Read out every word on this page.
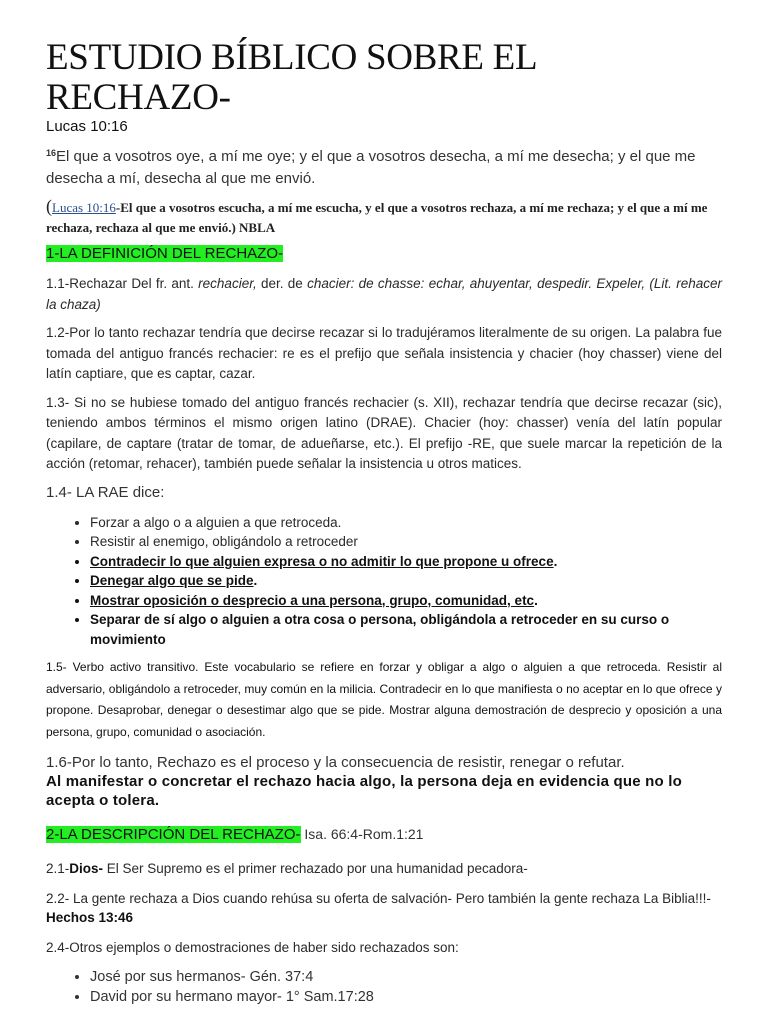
ESTUDIO BÍBLICO SOBRE EL RECHAZO-

Lucas 10:16

$^{16}$El que a vosotros oye, a mí me oye; y el que a vosotros desecha, a mí me desecha; y el que me desecha a mí, desecha al que me envió.

(Lucas 10:16-El que a vosotros escucha, a mí me escucha, y el que a vosotros rechaza, a mí me rechaza; y el que a mí me rechaza, rechaza al que me envió.) NBLA

1-LA DEFINICIÓN DEL RECHAZO-

1.1-Rechazar Del fr. ant. rechacier, der. de chacier: de chasse: echar, ahuyentar, despedir. Expeler, (Lit. rehacer la chaza)

1.2-Por lo tanto rechazar tendría que decirse recazar si lo tradujéramos literalmente de su origen. La palabra fue tomada del antiguo francés rechacier: re es el prefijo que señala insistencia y chacier (hoy chasser) viene del latín captiare, que es captar, cazar.

1.3- Si no se hubiese tomado del antiguo francés rechacier (s. XII), rechazar tendría que decirse recazar (sic), teniendo ambos términos el mismo origen latino (DRAE). Chacier (hoy: chasser) venía del latín popular (capilare, de captare (tratar de tomar, de adueñarse, etc.). El prefijo -RE, que suele marcar la repetición de la acción (retomar, rehacer), también puede señalar la insistencia u otros matices.

1.4- LA RAE dice:

• Forzar a algo o a alguien a que retroceda.
• Resistir al enemigo, obligándolo a retroceder
• Contradecir lo que alguien expresa o no admitir lo que propone u ofrece.
• Denegar algo que se pide.
• Mostrar oposición o desprecio a una persona, grupo, comunidad, etc.
• Separar de sí algo o alguien a otra cosa o persona, obligándola a retroceder en su curso o movimiento

1.5- Verbo activo transitivo. Este vocabulario se refiere en forzar y obligar a algo o alguien a que retroceda. Resistir al adversario, obligándolo a retroceder, muy común en la milicia. Contradecir en lo que manifiesta o no aceptar en lo que ofrece y propone. Desaprobar, denegar o desestimar algo que se pide. Mostrar alguna demostración de desprecio y oposición a una persona, grupo, comunidad o asociación.

1.6-Por lo tanto, Rechazo es el proceso y la consecuencia de resistir, renegar o refutar.

Al manifestar o concretar el rechazo hacia algo, la persona deja en evidencia que no lo acepta o tolera.

2-LA DESCRIPCIÓN DEL RECHAZO- Isa. 66:4-Rom.1:21

2.1-Dios- El Ser Supremo es el primer rechazado por una humanidad pecadora-

2.2- La gente rechaza a Dios cuando rehúsa su oferta de salvación- Pero también la gente rechaza La Biblia!!!- Hechos 13:46

2.4-Otros ejemplos o demostraciones de haber sido rechazados son:

• José por sus hermanos- Gén. 37:4
• David por su hermano mayor- 1° Sam.17:28
